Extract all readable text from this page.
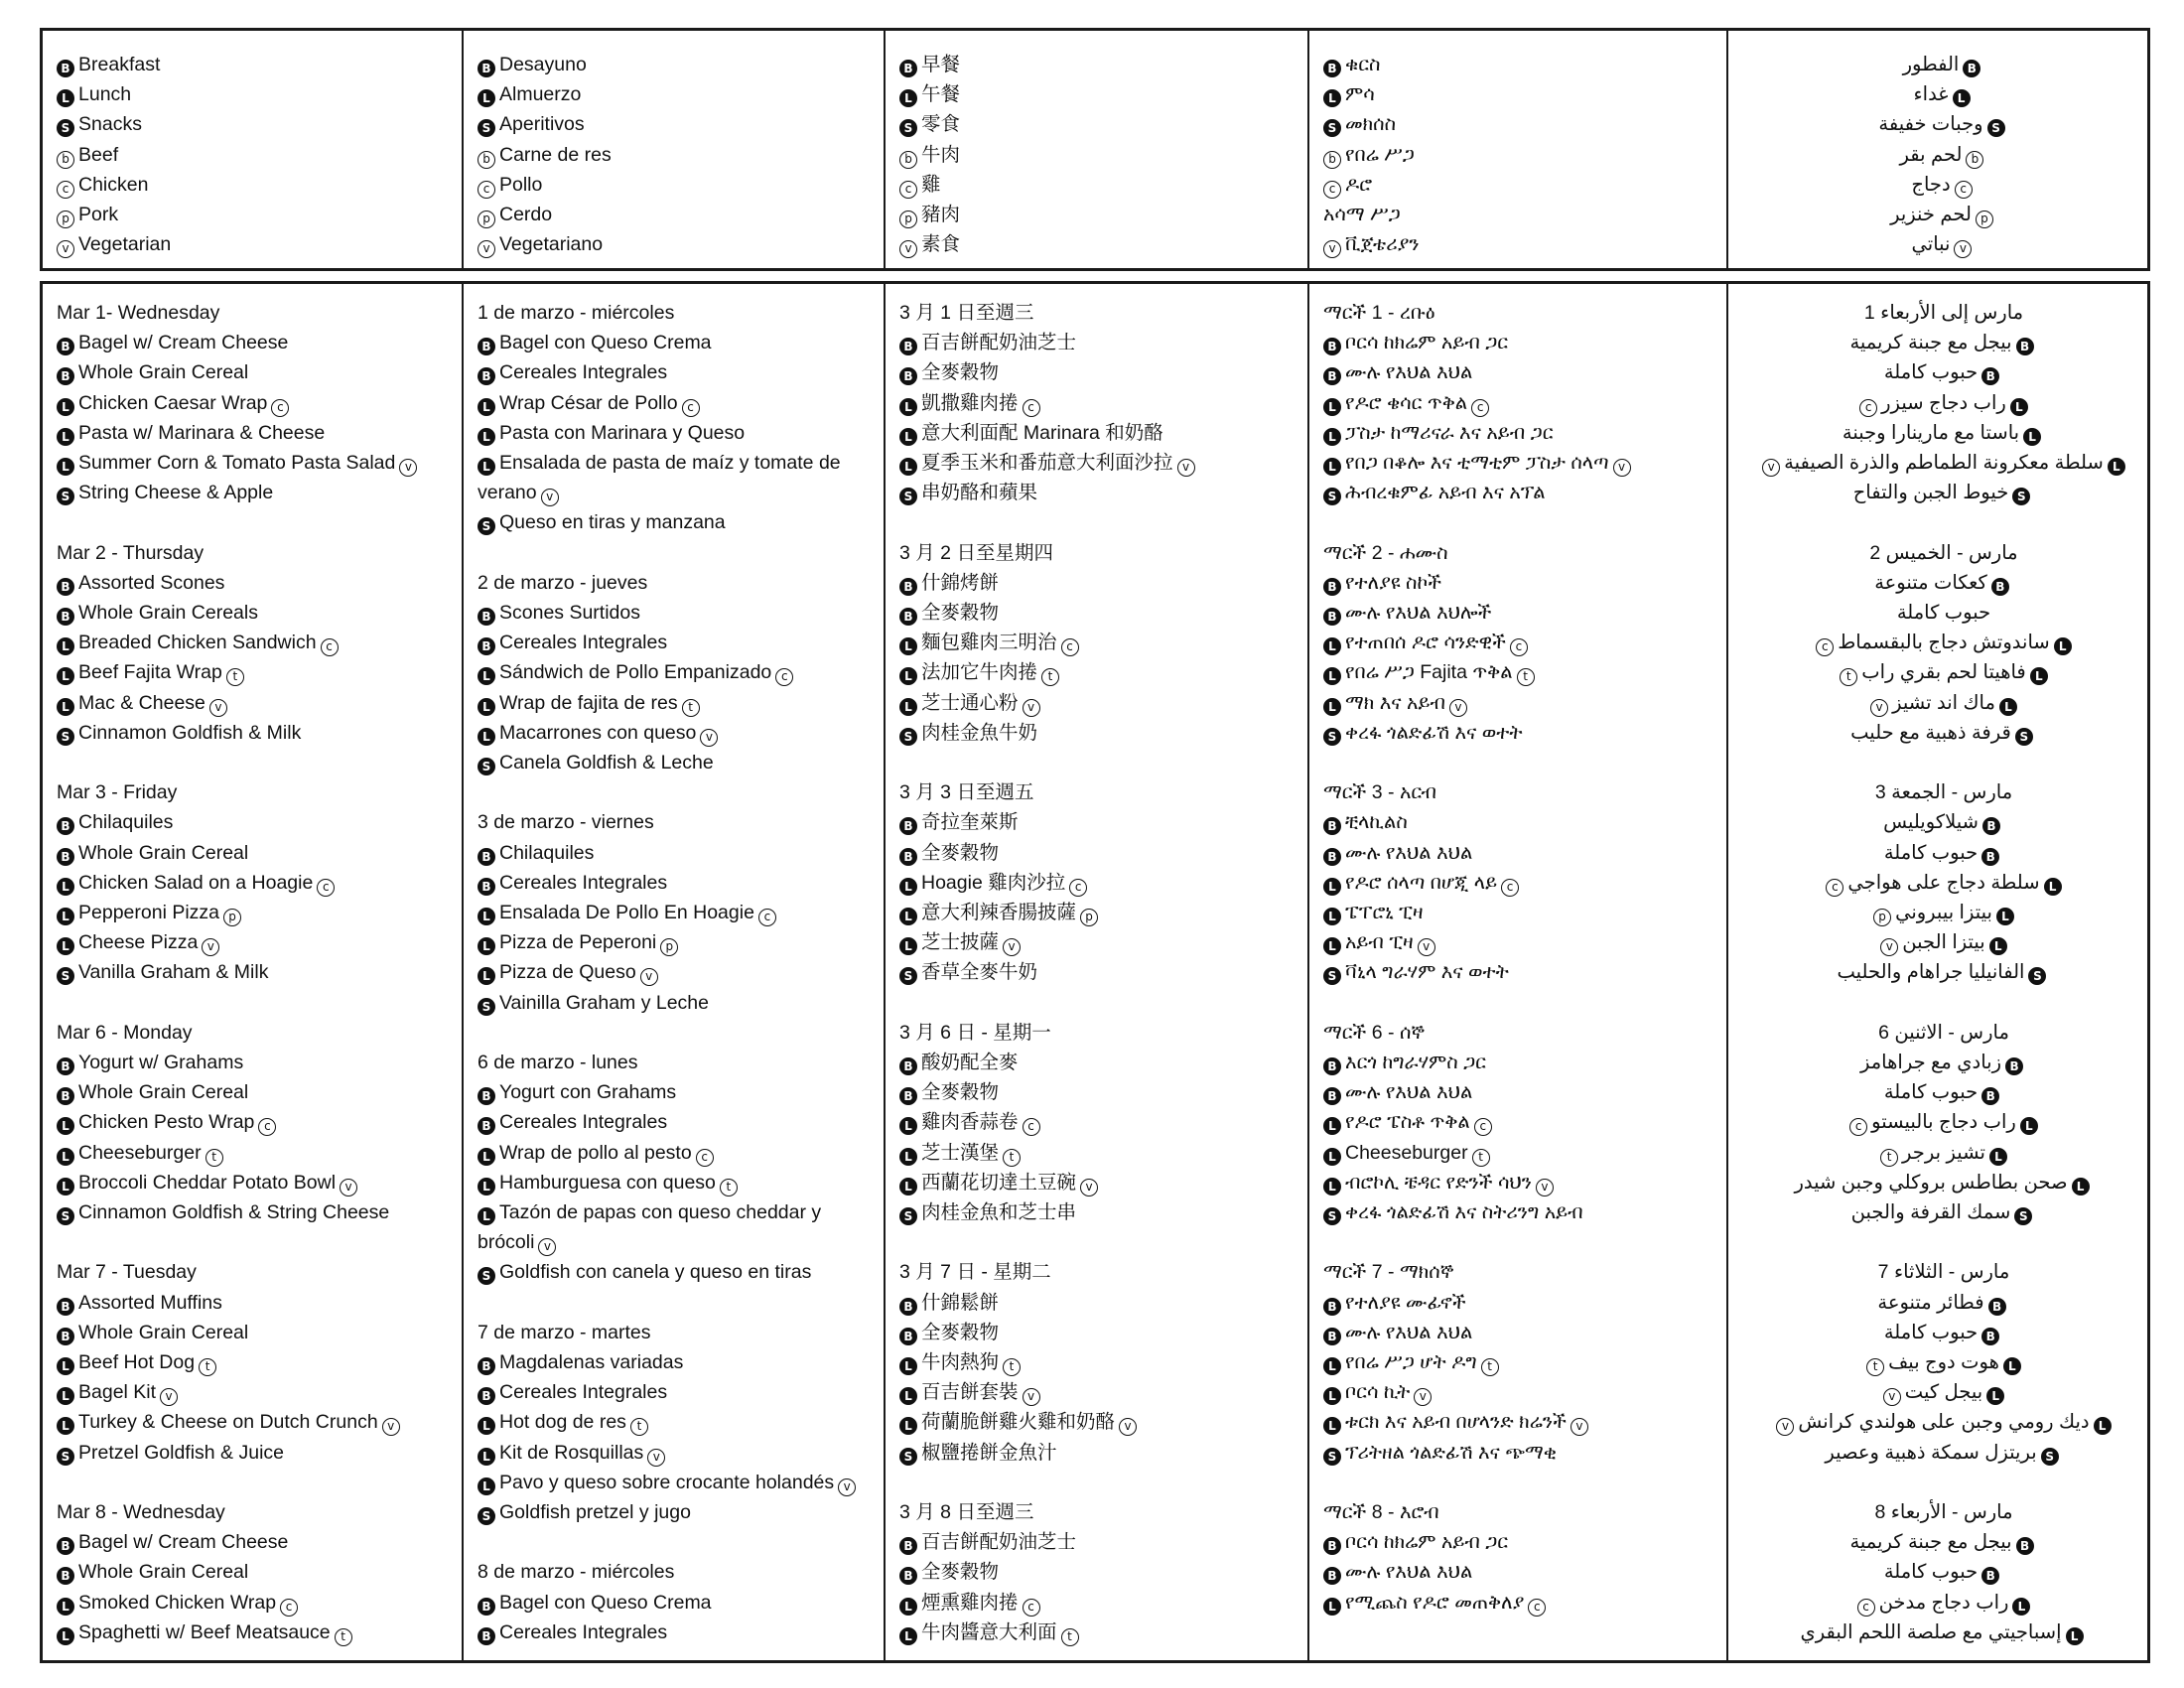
B Breakfast
L Lunch
S Snacks
b Beef
c Chicken
p Pork
v Vegetarian
B Desayuno
L Almuerzo
S Aperitivos
b Carne de res
c Pollo
p Cerdo
v Vegetariano
B 早餐
L 午餐
S 零食
b 牛肉
c 雞
p 豬肉
v 素食
B ቁርስ
L ምሳ
S መክሰስ
b የበሬ ሥጋ
c ዶሮ
አሳማ ሥጋ
v ቪጀቴሪያን
Bالفطور
Lغداء
Sوجبات خفيفة
bلحم بقر
cدجاج
pلحم خنزير
vنباتي
Mar 1- Wednesday
B Bagel w/ Cream Cheese
B Whole Grain Cereal
L Chicken Caesar Wrap c
L Pasta w/ Marinara & Cheese
L Summer Corn & Tomato Pasta Salad v
S String Cheese & Apple
Mar 2 - Thursday
B Assorted Scones
B Whole Grain Cereals
L Breaded Chicken Sandwich c
L Beef Fajita Wrap t
L Mac & Cheese v
S Cinnamon Goldfish & Milk
Mar 3 - Friday
B Chilaquiles
B Whole Grain Cereal
L Chicken Salad on a Hoagie c
L Pepperoni Pizza p
L Cheese Pizza v
S Vanilla Graham & Milk
Mar 6 - Monday
B Yogurt w/ Grahams
B Whole Grain Cereal
L Chicken Pesto Wrap c
L Cheeseburger t
L Broccoli Cheddar Potato Bowl v
S Cinnamon Goldfish & String Cheese
Mar 7 - Tuesday
B Assorted Muffins
B Whole Grain Cereal
L Beef Hot Dog t
L Bagel Kit v
L Turkey & Cheese on Dutch Crunch v
S Pretzel Goldfish & Juice
Mar 8 - Wednesday
B Bagel w/ Cream Cheese
B Whole Grain Cereal
L Smoked Chicken Wrap c
L Spaghetti w/ Beef Meatsauce t
1 de marzo - miércoles
B Bagel con Queso Crema
B Cereales Integrales
L Wrap César de Pollo c
L Pasta con Marinara y Queso
L Ensalada de pasta de maíz y tomate de verano v
S Queso en tiras y manzana
2 de marzo - jueves
B Scones Surtidos
B Cereales Integrales
L Sándwich de Pollo Empanizado c
L Wrap de fajita de res t
L Macarrones con queso v
S Canela Goldfish & Leche
3 de marzo - viernes
B Chilaquiles
B Cereales Integrales
L Ensalada De Pollo En Hoagie c
L Pizza de Peperoni p
L Pizza de Queso v
S Vainilla Graham y Leche
6 de marzo - lunes
B Yogurt con Grahams
B Cereales Integrales
L Wrap de pollo al pesto c
L Hamburguesa con queso t
L Tazón de papas con queso cheddar y brócoli v
S Goldfish con canela y queso en tiras
7 de marzo - martes
B Magdalenas variadas
B Cereales Integrales
L Hot dog de res t
L Kit de Rosquillas v
L Pavo y queso sobre crocante holandés v
S Goldfish pretzel y jugo
8 de marzo - miércoles
B Bagel con Queso Crema
B Cereales Integrales
3 月 1 日至週三
B 百吉餅配奶油芝士
B 全麥穀物
L 凱撒雞肉捲 c
L 意大利面配 Marinara 和奶酪
L 夏季玉米和番茄意大利面沙拉 v
S 串奶酪和蘋果
3 月 2 日至星期四
B 什錦烤餅
B 全麥穀物
L 麵包雞肉三明治 c
L 法加它牛肉捲 t
L 芝士通心粉 v
S 肉桂金魚牛奶
3 月 3 日至週五
B 奇拉奎萊斯
B 全麥穀物
L Hoagie 雞肉沙拉 c
L 意大利辣香腸披薩 p
L 芝士披薩 v
S 香草全麥牛奶
3 月 6 日 - 星期一
B 酸奶配全麥
B 全麥穀物
L 雞肉香蒜卷 c
L 芝士漢堡 t
L 西蘭花切達土豆碗 v
S 肉桂金魚和芝士串
3 月 7 日 - 星期二
B 什錦鬆餅
B 全麥穀物
L 牛肉熱狗 t
L 百吉餅套裝 v
L 荷蘭脆餅雞火雞和奶酪 v
S 椒鹽捲餅金魚汁
3 月 8 日至週三
B 百吉餅配奶油芝士
B 全麥穀物
L 煙熏雞肉捲 c
L 牛肉醬意大利面 t
ማርች 1 - ረቡዕ
B ቦርሳ ከክሬም አይብ ጋር
B ሙሉ የእህል እህል
L የዶሮ ቄሳር ጥቅል c
L ፓስታ ከማሪናራ እና አይብ ጋር
L የበጋ በቆሎ እና ቲማቲም ፓስታ ሰላጣ v
S ሕብረቁምፊ አይብ እና አፕል
ማርች 2 - ሐሙስ
B የተለያዩ ስኮች
B ሙሉ የእህል እህሎች
L የተጠበሰ ዶሮ ሳንድዊች c
L የበሬ ሥጋ Fajita ጥቅል t
L ማክ እና አይብ v
S ቀረፋ ጎልድፊሽ እና ወተት
ማርች 3 - አርብ
B ቺላኪልስ
B ሙሉ የእህል እህል
L የዶሮ ሰላጣ በሆጂ ላይ c
L ፔፐሮኒ ፒዛ
L አይብ ፒዛ v
S ቫኒላ ግራሃም እና ወተት
ማርች 6 - ሰኞ
B እርጎ ከግራሃምስ ጋር
B ሙሉ የእህል እህል
L የዶሮ ፔስቶ ጥቅል c
L Cheeseburger t
L ብሮኮሊ ቼዳር የድንች ሳህን v
S ቀረፋ ጎልድፊሽ እና ስትሪንግ አይብ
ማርች 7 - ማክሰኞ
B የተለያዩ ሙፊኖች
B ሙሉ የእህል እህል
L የበሬ ሥጋ ሆት ዶግ t
L ቦርሳ ኪት v
L ቱርክ እና አይብ በሆላንድ ክሬንች v
S ፕሪትዘል ጎልድፊሽ እና ጭማቂ
ማርች 8 - እሮብ
B ቦርሳ ከክሬም አይብ ጋር
B ሙሉ የእህል እህል
L የሚጨስ የዶሮ መጠቅለያ c
مارس إلى الأربعاء 1
Bبيجل مع جبنة كريمية
Bحبوب كاملة
Lراب دجاج سيزرc
Lباستا مع مارينارا وجبنة
Lسلطة معكرونة الطماطم والذرة الصيفيةv
Sخيوط الجبن والتفاح
مارس - الخميس 2
Bكعكات متنوعة
حبوب كاملة
Lساندوتش دجاج بالبقسماطc
Lفاهيتا لحم بقري رابt
Lماك اند تشيزv
Sقرفة ذهبية مع حليب
مارس - الجمعة 3
Bشيلاكويليس
Bحبوب كاملة
Lسلطة دجاج على هواجيc
Lبيتزا بيبرونيp
Lبيتزا الجبنv
Sالفانيليا جراهام والحليب
مارس - الاثنين 6
Bزبادي مع جراهامز
Bحبوب كاملة
Lراب دجاج بالبيستوc
Lتشيز برجرt
Lصحن بطاطس بروكلي وجبن شيدر
Sسمك القرفة والجبن
مارس - الثلاثاء 7
Bفطائر متنوعة
Bحبوب كاملة
Lهوت دوج بيفt
Lبيجل كيتv
Lديك رومي وجبن على هولندي كرانشv
Sبريتزل سمكة ذهبية وعصير
مارس - الأربعاء 8
Bبيجل مع جبنة كريمية
Bحبوب كاملة
Lراب دجاج مدخنc
Lإسباجيتي مع صلصة اللحم البقري
